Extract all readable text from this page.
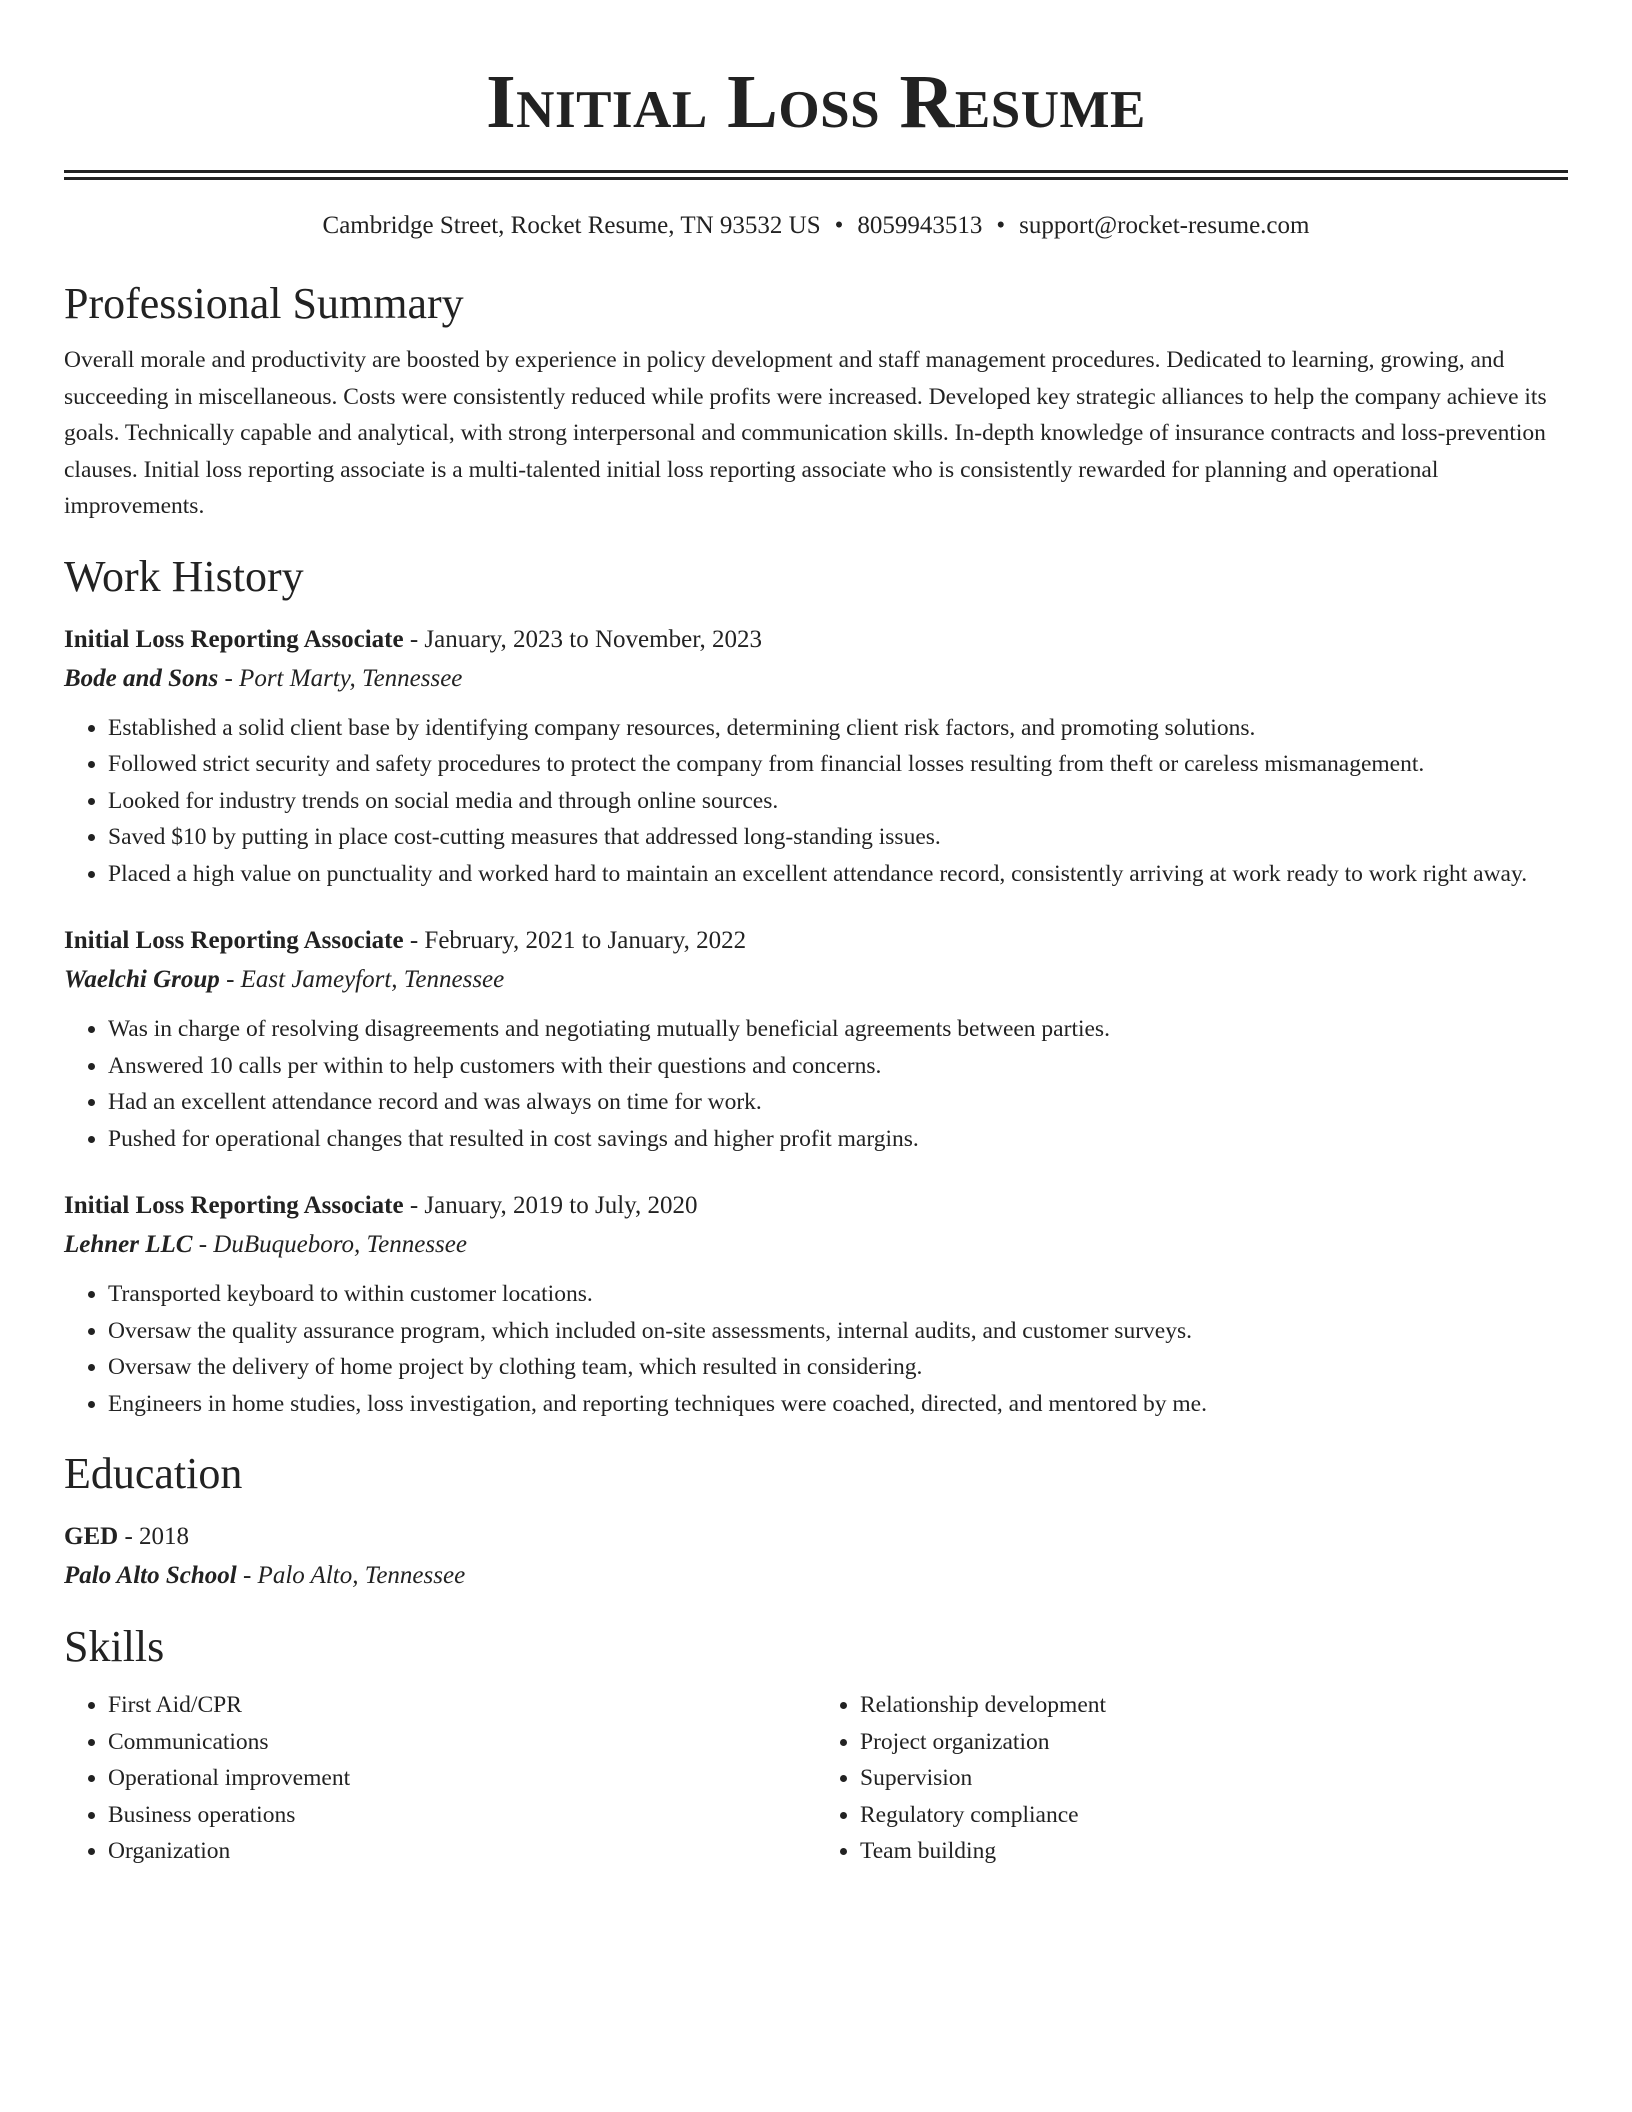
Initial Loss Resume
Cambridge Street, Rocket Resume, TN 93532 US • 8059943513 • support@rocket-resume.com
Professional Summary

Overall morale and productivity are boosted by experience in policy development and staff management procedures. Dedicated to learning, growing, and succeeding in miscellaneous. Costs were consistently reduced while profits were increased. Developed key strategic alliances to help the company achieve its goals. Technically capable and analytical, with strong interpersonal and communication skills. In-depth knowledge of insurance contracts and loss-prevention clauses. Initial loss reporting associate is a multi-talented initial loss reporting associate who is consistently rewarded for planning and operational improvements.

Work History
Initial Loss Reporting Associate - January, 2023 to November, 2023
Bode and Sons - Port Marty, Tennessee
• Established a solid client base by identifying company resources, determining client risk factors, and promoting solutions.
• Followed strict security and safety procedures to protect the company from financial losses resulting from theft or careless mismanagement.
• Looked for industry trends on social media and through online sources.
• Saved $10 by putting in place cost-cutting measures that addressed long-standing issues.
• Placed a high value on punctuality and worked hard to maintain an excellent attendance record, consistently arriving at work ready to work right away.
Initial Loss Reporting Associate - February, 2021 to January, 2022
Waelchi Group - East Jameyfort, Tennessee
• Was in charge of resolving disagreements and negotiating mutually beneficial agreements between parties.
• Answered 10 calls per within to help customers with their questions and concerns.
• Had an excellent attendance record and was always on time for work.
• Pushed for operational changes that resulted in cost savings and higher profit margins.
Initial Loss Reporting Associate - January, 2019 to July, 2020
Lehner LLC - DuBuqueboro, Tennessee
• Transported keyboard to within customer locations.
• Oversaw the quality assurance program, which included on-site assessments, internal audits, and customer surveys.
• Oversaw the delivery of home project by clothing team, which resulted in considering.
• Engineers in home studies, loss investigation, and reporting techniques were coached, directed, and mentored by me.
Education
GED - 2018
Palo Alto School - Palo Alto, Tennessee
Skills
• First Aid/CPR
• Communications
• Operational improvement
• Business operations
• Organization
• Relationship development
• Project organization
• Supervision
• Regulatory compliance
• Team building
